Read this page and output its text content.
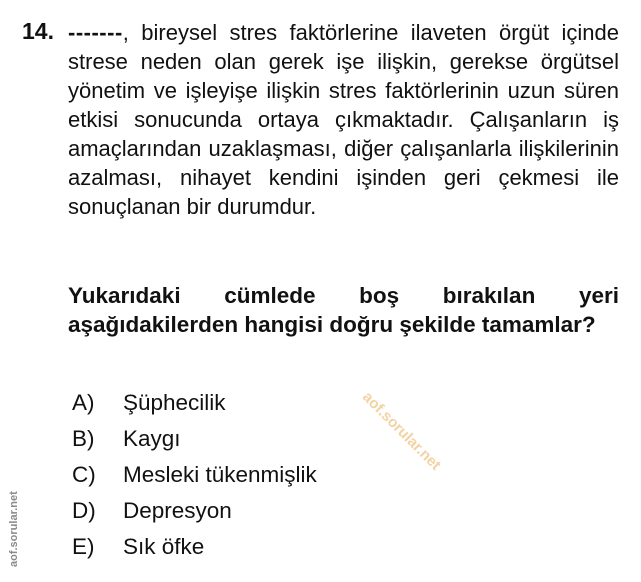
14. -------, bireysel stres faktörlerine ilaveten örgüt içinde strese neden olan gerek işe ilişkin, gerekse örgütsel yönetim ve işleyişe ilişkin stres faktörlerinin uzun süren etkisi sonucunda ortaya çıkmaktadır. Çalışanların iş amaçlarından uzaklaşması, diğer çalışanlarla ilişkilerinin azalması, nihayet kendini işinden geri çekmesi ile sonuçlanan bir durumdur.
Yukarıdaki cümlede boş bırakılan yeri aşağıdakilerden hangisi doğru şekilde tamamlar?
A) Şüphecilik
B) Kaygı
C) Mesleki tükenmişlik
D) Depresyon
E) Sık öfke
aof.sorular.net
aof.sorular.net
